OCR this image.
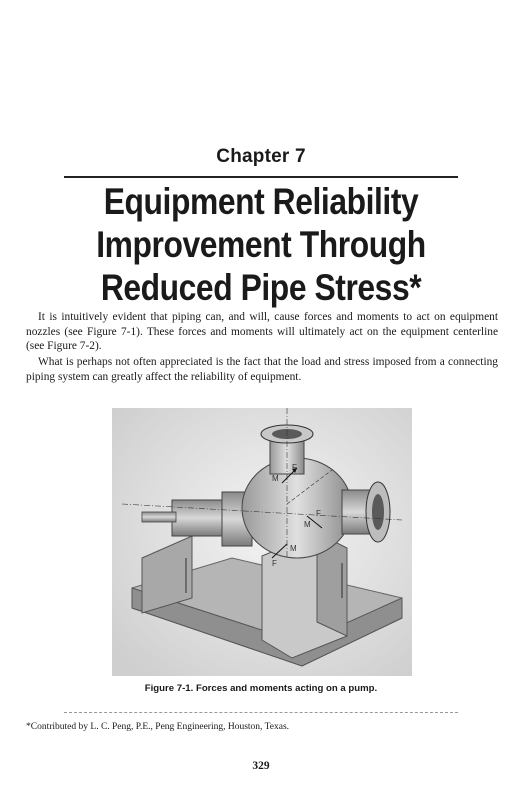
Chapter 7
Equipment Reliability Improvement Through Reduced Pipe Stress*

It is intuitively evident that piping can, and will, cause forces and moments to act on equipment nozzles (see Figure 7-1). These forces and moments will ultimately act on the equipment centerline (see Figure 7-2).

What is perhaps not often appreciated is the fact that the load and stress imposed from a connecting piping system can greatly affect the reliability of equipment.

M
F
M
F
M
F
Figure 7-1. Forces and moments acting on a pump.
*Contributed by L. C. Peng, P.E., Peng Engineering, Houston, Texas.
329
